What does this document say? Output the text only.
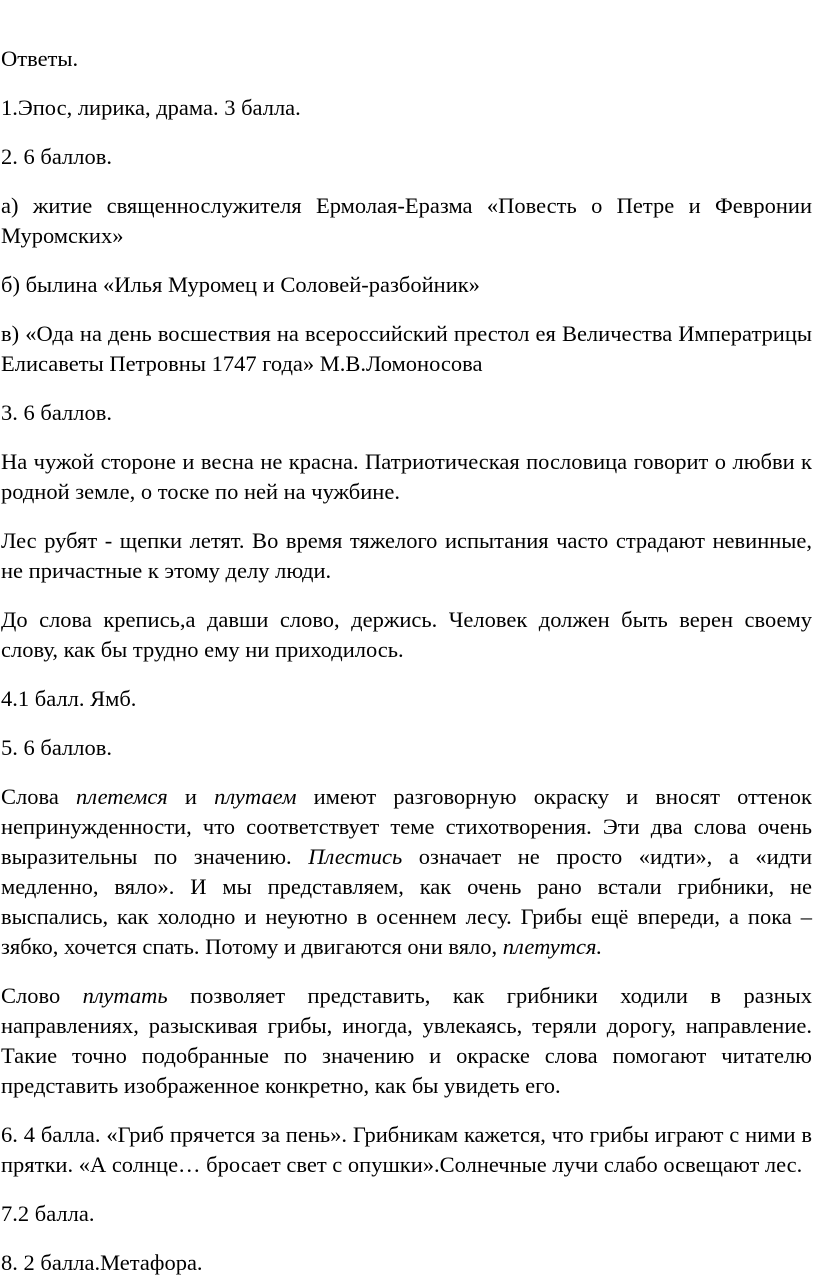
Ответы.

1.Эпос, лирика, драма. 3 балла.

2. 6 баллов.

а) житие священнослужителя Ермолая-Еразма «Повесть о Петре и Февронии Муромских»

б) былина «Илья Муромец и Соловей-разбойник»

в) «Ода на день восшествия на всероссийский престол ея Величества Императрицы Елисаветы Петровны 1747 года» М.В.Ломоносова

3. 6 баллов.

На чужой стороне и весна не красна. Патриотическая пословица говорит о любви к родной земле, о тоске по ней на чужбине.

Лес рубят - щепки летят. Во время тяжелого испытания часто страдают невинные, не причастные к этому делу люди.

До слова крепись,а давши слово, держись. Человек должен быть верен своему слову, как бы трудно ему ни приходилось.

4.1 балл. Ямб.

5. 6 баллов.

Слова плетемся и плутаем имеют разговорную окраску и вносят оттенок непринужденности, что соответствует теме стихотворения. Эти два слова очень выразительны по значению. Плестись означает не просто «идти», а «идти медленно, вяло». И мы представляем, как очень рано встали грибники, не выспались, как холодно и неуютно в осеннем лесу. Грибы ещё впереди, а пока – зябко, хочется спать. Потому и двигаются они вяло, плетутся.

Слово плутать позволяет представить, как грибники ходили в разных направлениях, разыскивая грибы, иногда, увлекаясь, теряли дорогу, направление. Такие точно подобранные по значению и окраске слова помогают читателю представить изображенное конкретно, как бы увидеть его.

6. 4 балла. «Гриб прячется за пень». Грибникам кажется, что грибы играют с ними в прятки. «А солнце… бросает свет с опушки».Солнечные лучи слабо освещают лес.

7.2 балла.

8. 2 балла.Метафора.
